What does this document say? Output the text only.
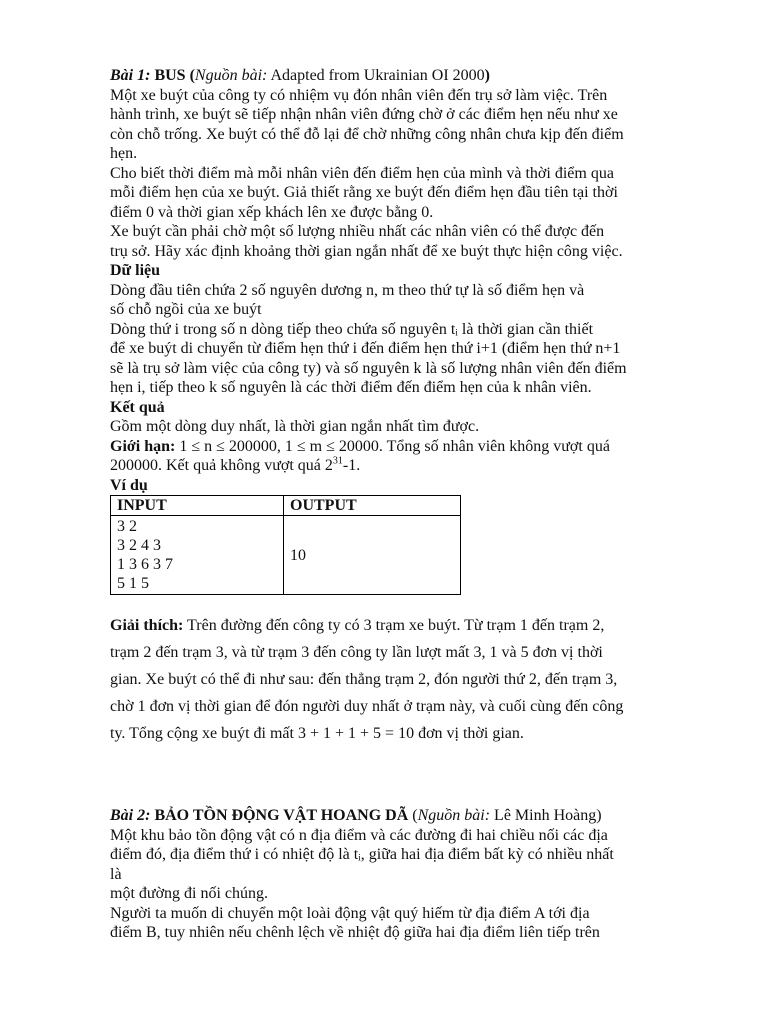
Bài 1: BUS (Nguồn bài: Adapted from Ukrainian OI 2000)
Một xe buýt của công ty có nhiệm vụ đón nhân viên đến trụ sở làm việc. Trên
hành trình, xe buýt sẽ tiếp nhận nhân viên đứng chờ ở các điểm hẹn nếu như xe
còn chỗ trống. Xe buýt có thể đỗ lại để chờ những công nhân chưa kịp đến điểm
hẹn.
Cho biết thời điểm mà mỗi nhân viên đến điểm hẹn của mình và thời điểm qua
mỗi điểm hẹn của xe buýt. Giả thiết rằng xe buýt đến điểm hẹn đầu tiên tại thời
điểm 0 và thời gian xếp khách lên xe được bằng 0.
Xe buýt cần phải chờ một số lượng nhiều nhất các nhân viên có thể được đến
trụ sở. Hãy xác định khoảng thời gian ngắn nhất để xe buýt thực hiện công việc.
Dữ liệu
Dòng đầu tiên chứa 2 số nguyên dương n, m theo thứ tự là số điểm hẹn và
số chỗ ngồi của xe buýt
Dòng thứ i trong số n dòng tiếp theo chứa số nguyên tᵢ là thời gian cần thiết
để xe buýt di chuyển từ điểm hẹn thứ i đến điểm hẹn thứ i+1 (điểm hẹn thứ n+1
sẽ là trụ sở làm việc của công ty) và số nguyên k là số lượng nhân viên đến điểm
hẹn i, tiếp theo k số nguyên là các thời điểm đến điểm hẹn của k nhân viên.
Kết quả
Gồm một dòng duy nhất, là thời gian ngắn nhất tìm được.
Giới hạn: 1 ≤ n ≤ 200000, 1 ≤ m ≤ 20000. Tổng số nhân viên không vượt quá
200000. Kết quả không vượt quá $2^{31}-1$.
Ví dụ
INPUT	OUTPUT

3 2
3 2 4 3
1 3 6 3 7
5 1 5	10
Giải thích: Trên đường đến công ty có 3 trạm xe buýt. Từ trạm 1 đến trạm 2,
trạm 2 đến trạm 3, và từ trạm 3 đến công ty lần lượt mất 3, 1 và 5 đơn vị thời
gian. Xe buýt có thể đi như sau: đến thẳng trạm 2, đón người thứ 2, đến trạm 3,
chờ 1 đơn vị thời gian để đón người duy nhất ở trạm này, và cuối cùng đến công
ty. Tổng cộng xe buýt đi mất 3 + 1 + 1 + 5 = 10 đơn vị thời gian.
Bài 2: BẢO TỒN ĐỘNG VẬT HOANG DÃ (Nguồn bài: Lê Minh Hoàng)
Một khu bảo tồn động vật có n địa điểm và các đường đi hai chiều nối các địa
điểm đó, địa điểm thứ i có nhiệt độ là tᵢ, giữa hai địa điểm bất kỳ có nhiều nhất
là
một đường đi nối chúng.
Người ta muốn di chuyển một loài động vật quý hiếm từ địa điểm A tới địa
điểm B, tuy nhiên nếu chênh lệch về nhiệt độ giữa hai địa điểm liên tiếp trên
